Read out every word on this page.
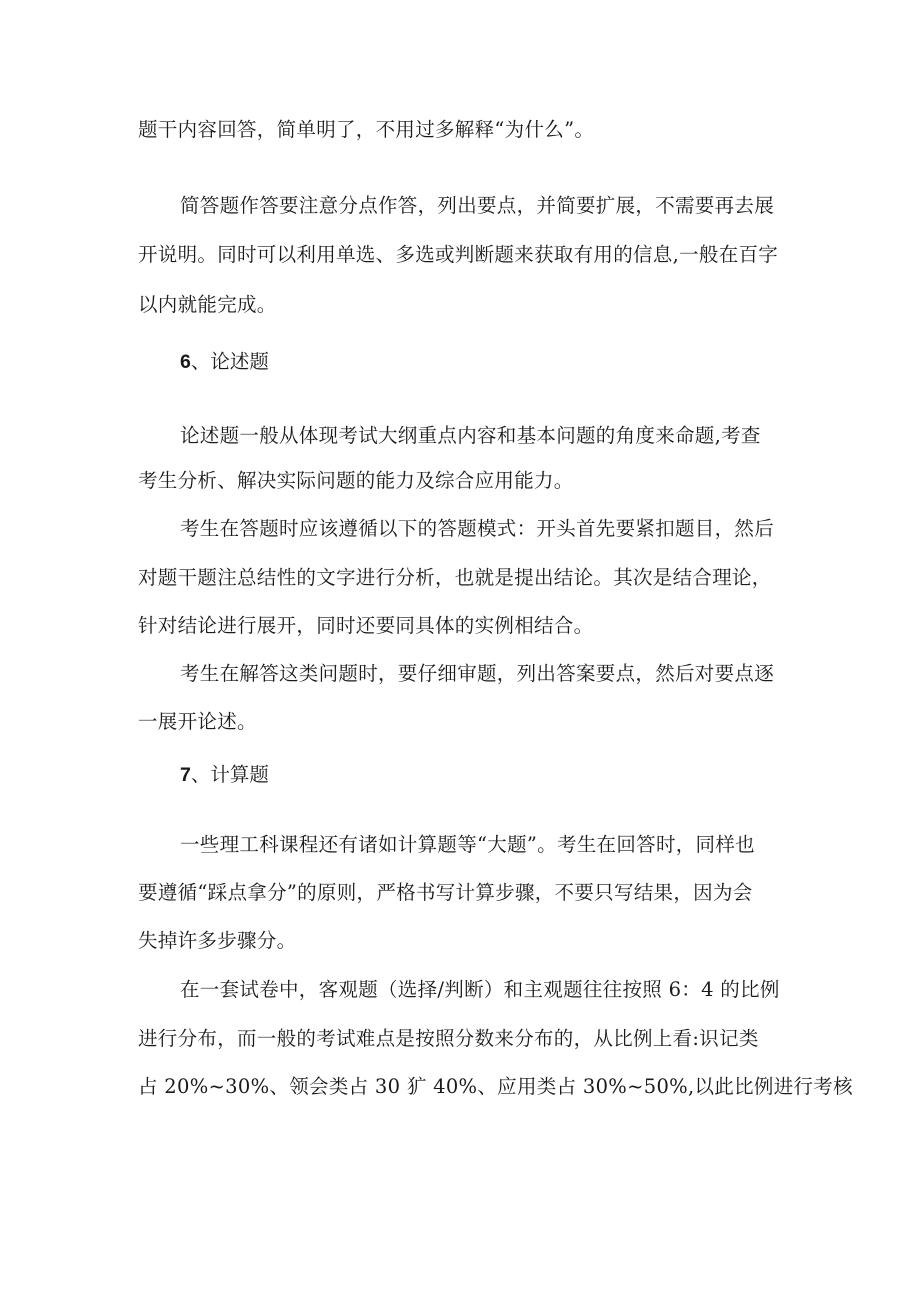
题干内容回答，简单明了，不用过多解释“为什么”。
简答题作答要注意分点作答，列出要点，并简要扩展，不需要再去展
开说明。同时可以利用单选、多选或判断题来获取有用的信息,一般在百字
以内就能完成。
6、论述题
论述题一般从体现考试大纲重点内容和基本问题的角度来命题,考查
考生分析、解决实际问题的能力及综合应用能力。
考生在答题时应该遵循以下的答题模式：开头首先要紧扣题目，然后
对题干题注总结性的文字进行分析，也就是提出结论。其次是结合理论，
针对结论进行展开，同时还要同具体的实例相结合。
考生在解答这类问题时，要仔细审题，列出答案要点，然后对要点逐
一展开论述。
7、计算题
一些理工科课程还有诸如计算题等“大题”。考生在回答时，同样也
要遵循“踩点拿分”的原则，严格书写计算步骤，不要只写结果，因为会
失掉许多步骤分。
在一套试卷中，客观题（选择/判断）和主观题往往按照 6：4 的比例
进行分布，而一般的考试难点是按照分数来分布的，从比例上看:识记类
占 20%~30%、领会类占 30 犷 40%、应用类占 30%~50%,以此比例进行考核
